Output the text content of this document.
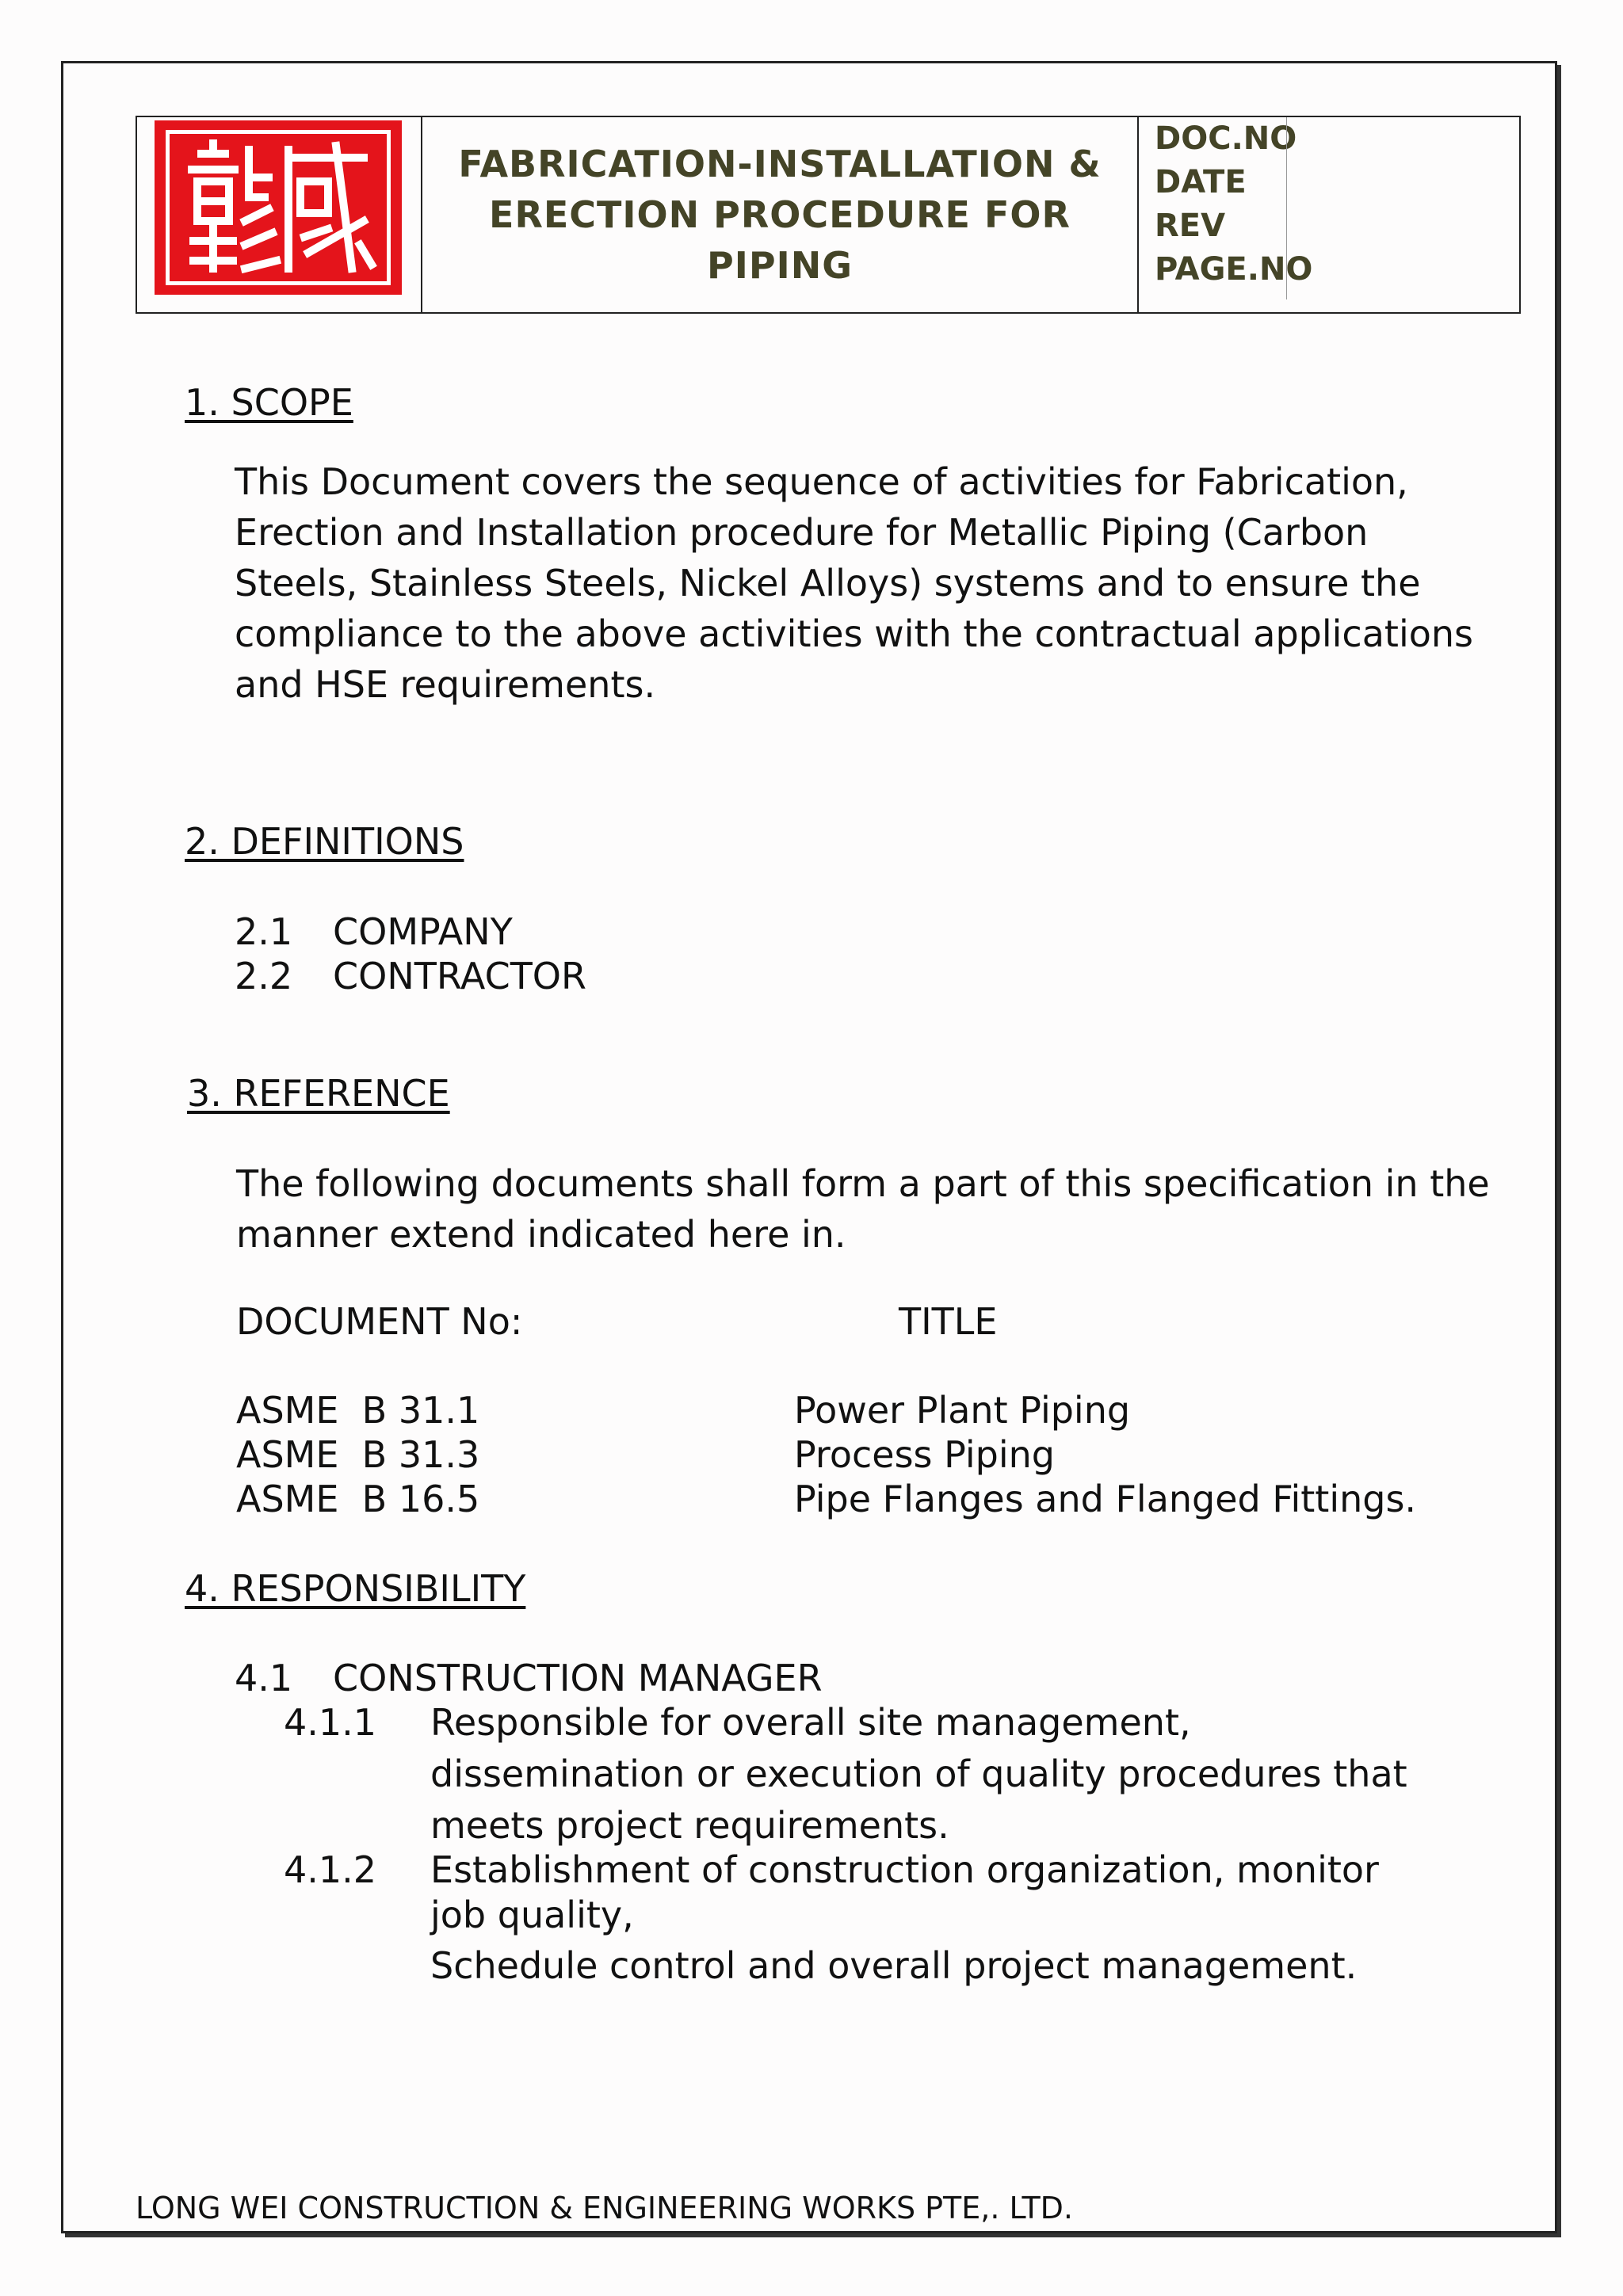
FABRICATION-INSTALLATION &
ERECTION PROCEDURE FOR
PIPING
DOC.NO
DATE
REV
PAGE.NO
1. SCOPE
This Document covers the sequence of activities for Fabrication, Erection and Installation procedure for Metallic Piping (Carbon Steels, Stainless Steels, Nickel Alloys) systems and to ensure the compliance to the above activities with the contractual applications and HSE requirements.
2. DEFINITIONS
2.1 COMPANY
2.2 CONTRACTOR
3. REFERENCE
The following documents shall form a part of this specification in the manner extend indicated here in.
DOCUMENT No:	TITLE
ASME  B 31.1	Power Plant Piping
ASME  B 31.3	Process Piping
ASME  B 16.5	Pipe Flanges and Flanged Fittings.
4. RESPONSIBILITY
4.1 CONSTRUCTION MANAGER
4.1.1 Responsible for overall site management,
dissemination or execution of quality procedures that
meets project requirements.
4.1.2 Establishment of construction organization, monitor
job quality,
Schedule control and overall project management.
LONG WEI CONSTRUCTION & ENGINEERING WORKS PTE,. LTD.
